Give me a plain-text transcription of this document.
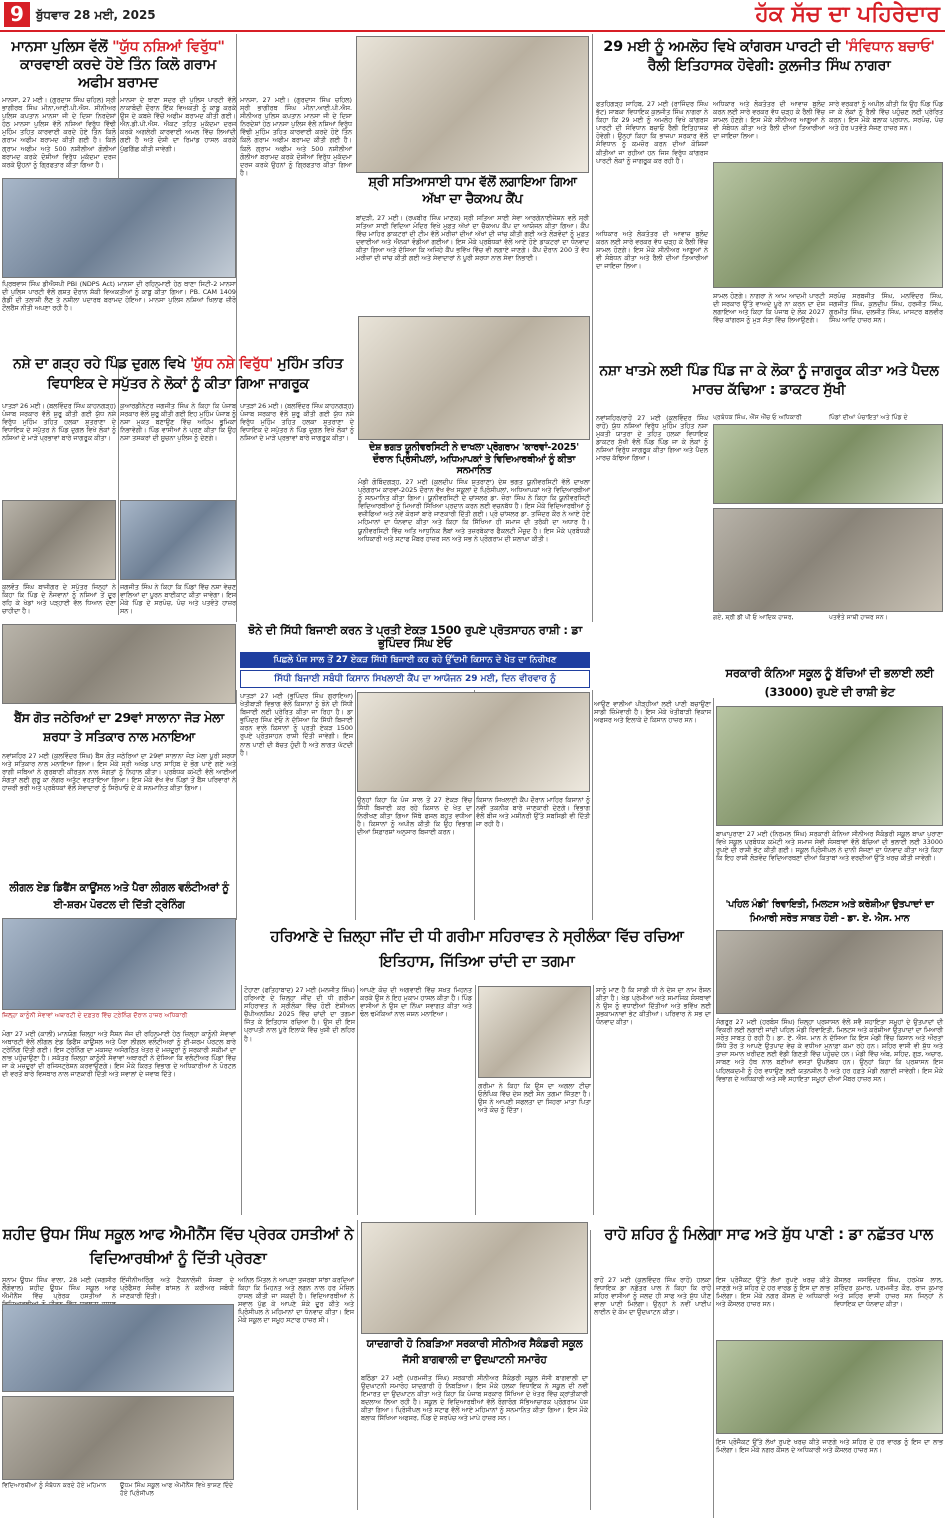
9	ਬੁੱਧਵਾਰ 28 ਮਈ, 2025	ਹੱਕ ਸੱਚ ਦਾ ਪਹਿਰੇਦਾਰ
ਮਾਨਸਾ ਪੁਲਿਸ ਵੱਲੋਂ "ਯੁੱਧ ਨਸ਼ਿਆਂ ਵਿਰੁੱਧ"
ਕਾਰਵਾਈ ਕਰਦੇ ਹੋਏ ਤਿੰਨ ਕਿਲੋ ਗਰਾਮ ਅਫੀਮ ਬਰਾਮਦ
ਮਾਨਸਾ, 27 ਮਈ। (ਗੁਰਦਾਸ ਸਿੰਘ ਚਹਿਲ) ਸ੍ਰੀ ਭਾਗੀਰਥ ਸਿੰਘ ਮੀਨਾ,ਆਈ.ਪੀ.ਐਸ. ਸੀਨੀਅਰ ਪੁਲਿਸ ਕਪਤਾਨ ਮਾਨਸਾ ਜੀ ਦੇ ਦਿਸ਼ਾ ਨਿਰਦੇਸ਼ਾਂ ਹੇਠ ਮਾਨਸਾ ਪੁਲਿਸ ਵੱਲੋਂ ਨਸ਼ਿਆਂ ਵਿਰੁੱਧ ਵਿੱਢੀ ਮੁਹਿੰਮ ਤਹਿਤ ਕਾਰਵਾਈ ਕਰਦੇ ਹੋਏ ਤਿੰਨ ਕਿਲੋ ਗਰਾਮ ਅਫੀਮ ਬਰਾਮਦ ਕੀਤੀ ਗਈ ਹੈ। ਕਿਲੋ ਗ੍ਰਾਮ ਅਫੀਮ ਅਤੇ 500 ਨਸ਼ੀਲੀਆਂ ਗੋਲੀਆਂ ਬਰਾਮਦ ਕਰਕੇ ਦੋਸ਼ੀਆਂ ਵਿਰੁੱਧ ਮੁਕੱਦਮਾ ਦਰਜ ਕਰਕੇ ਉਹਨਾਂ ਨੂੰ ਗ੍ਰਿਫਤਾਰ ਕੀਤਾ ਗਿਆ ਹੈ।
ਮਾਨਸਾ ਦੇ ਥਾਣਾ ਸਦਰ ਦੀ ਪੁਲਿਸ ਪਾਰਟੀ ਵੱਲੋਂ ਨਾਕਾਬੰਦੀ ਦੌਰਾਨ ਇੱਕ ਵਿਅਕਤੀ ਨੂੰ ਕਾਬੂ ਕਰਕੇ ਉਸ ਦੇ ਕਬਜ਼ੇ ਵਿੱਚੋਂ ਅਫੀਮ ਬਰਾਮਦ ਕੀਤੀ ਗਈ। ਐਨ.ਡੀ.ਪੀ.ਐਸ. ਐਕਟ ਤਹਿਤ ਮੁਕੱਦਮਾ ਦਰਜ ਕਰਕੇ ਅਗਲੇਰੀ ਕਾਰਵਾਈ ਅਮਲ ਵਿੱਚ ਲਿਆਂਦੀ ਗਈ ਹੈ ਅਤੇ ਦੋਸ਼ੀ ਦਾ ਰਿਮਾਂਡ ਹਾਸਲ ਕਰਕੇ ਪੁੱਛਗਿੱਛ ਕੀਤੀ ਜਾਵੇਗੀ।
ਪ੍ਰਿਥਵਾਸ ਸਿੰਘ ਡੀਐਸਪੀ PBI (NDPS Act) ਮਾਨਸਾ ਦੀ ਰਹਿਨੁਮਾਈ ਹੇਠ ਥਾਣਾ ਸਿਟੀ-2 ਮਾਨਸਾ ਦੀ ਪੁਲਿਸ ਪਾਰਟੀ ਵੱਲੋਂ ਗਸ਼ਤ ਦੌਰਾਨ ਸ਼ੱਕੀ ਵਿਅਕਤੀਆਂ ਨੂੰ ਕਾਬੂ ਕੀਤਾ ਗਿਆ। PB. CAM 1409 ਗੱਡੀ ਦੀ ਤਲਾਸ਼ੀ ਲੈਣ ਤੇ ਨਸ਼ੀਲਾ ਪਦਾਰਥ ਬਰਾਮਦ ਹੋਇਆ। ਮਾਨਸਾ ਪੁਲਿਸ ਨਸ਼ਿਆਂ ਖਿਲਾਫ ਜ਼ੀਰੋ ਟੌਲਰੈਂਸ ਨੀਤੀ ਅਪਣਾ ਰਹੀ ਹੈ।
ਮਾਨਸਾ, 27 ਮਈ। (ਗੁਰਦਾਸ ਸਿੰਘ ਚਹਿਲ) ਸ੍ਰੀ ਭਾਗੀਰਥ ਸਿੰਘ ਮੀਨਾ,ਆਈ.ਪੀ.ਐਸ. ਸੀਨੀਅਰ ਪੁਲਿਸ ਕਪਤਾਨ ਮਾਨਸਾ ਜੀ ਦੇ ਦਿਸ਼ਾ ਨਿਰਦੇਸ਼ਾਂ ਹੇਠ ਮਾਨਸਾ ਪੁਲਿਸ ਵੱਲੋਂ ਨਸ਼ਿਆਂ ਵਿਰੁੱਧ ਵਿੱਢੀ ਮੁਹਿੰਮ ਤਹਿਤ ਕਾਰਵਾਈ ਕਰਦੇ ਹੋਏ ਤਿੰਨ ਕਿਲੋ ਗਰਾਮ ਅਫੀਮ ਬਰਾਮਦ ਕੀਤੀ ਗਈ ਹੈ। ਕਿਲੋ ਗ੍ਰਾਮ ਅਫੀਮ ਅਤੇ 500 ਨਸ਼ੀਲੀਆਂ ਗੋਲੀਆਂ ਬਰਾਮਦ ਕਰਕੇ ਦੋਸ਼ੀਆਂ ਵਿਰੁੱਧ ਮੁਕੱਦਮਾ ਦਰਜ ਕਰਕੇ ਉਹਨਾਂ ਨੂੰ ਗ੍ਰਿਫਤਾਰ ਕੀਤਾ ਗਿਆ ਹੈ।
ਸ਼੍ਰੀ ਸਤਿਆਸਾਈ ਧਾਮ ਵੱਲੋਂ ਲਗਾਇਆ ਗਿਆ ਅੱਖਾ ਦਾ ਚੈਕਅਪ ਕੈਂਪ
ਬਾਂਦੜੀ, 27 ਮਈ। (ਰਘਬੀਰ ਸਿੰਘ ਮਾਣਕ) ਸ੍ਰੀ ਸਤਿਆ ਸਾਈ ਸੇਵਾ ਆਰਗੇਨਾਈਜੇਸ਼ਨ ਵਲੋਂ ਸ੍ਰੀ ਸਤਿਆ ਸਾਈਂ ਵਿਦਿਆ ਮੰਦਿਰ ਵਿਖੇ ਮੁਫ਼ਤ ਅੱਖਾਂ ਦਾ ਚੈਕਅਪ ਕੈਂਪ ਦਾ ਆਯੋਜਨ ਕੀਤਾ ਗਿਆ। ਕੈਂਪ ਵਿੱਚ ਮਾਹਿਰ ਡਾਕਟਰਾਂ ਦੀ ਟੀਮ ਵੱਲੋਂ ਮਰੀਜ਼ਾਂ ਦੀਆਂ ਅੱਖਾਂ ਦੀ ਜਾਂਚ ਕੀਤੀ ਗਈ ਅਤੇ ਲੋੜਵੰਦਾਂ ਨੂੰ ਮੁਫ਼ਤ ਦਵਾਈਆਂ ਅਤੇ ਐਨਕਾਂ ਵੰਡੀਆਂ ਗਈਆਂ। ਇਸ ਮੌਕੇ ਪ੍ਰਬੰਧਕਾਂ ਵੱਲੋਂ ਆਏ ਹੋਏ ਡਾਕਟਰਾਂ ਦਾ ਧੰਨਵਾਦ ਕੀਤਾ ਗਿਆ ਅਤੇ ਦੱਸਿਆ ਕਿ ਅਜਿਹੇ ਕੈਂਪ ਭਵਿੱਖ ਵਿੱਚ ਵੀ ਲਗਾਏ ਜਾਣਗੇ। ਕੈਂਪ ਦੌਰਾਨ 200 ਤੋਂ ਵੱਧ ਮਰੀਜ਼ਾਂ ਦੀ ਜਾਂਚ ਕੀਤੀ ਗਈ ਅਤੇ ਸੇਵਾਦਾਰਾਂ ਨੇ ਪੂਰੀ ਸ਼ਰਧਾ ਨਾਲ ਸੇਵਾ ਨਿਭਾਈ।
29 ਮਈ ਨੂੰ ਅਮਲੋਹ ਵਿਖੇ ਕਾਂਗਰਸ ਪਾਰਟੀ ਦੀ 'ਸੰਵਿਧਾਨ ਬਚਾਓ' ਰੈਲੀ ਇਤਿਹਾਸਕ ਹੋਵੇਗੀ: ਕੁਲਜੀਤ ਸਿੰਘ ਨਾਗਰਾ
ਫਤਹਿਗੜ੍ਹ ਸਾਹਿਬ, 27 ਮਈ (ਰਾਜਿੰਦਰ ਸਿੰਘ ਭੱਟ) ਸਾਬਕਾ ਵਿਧਾਇਕ ਕੁਲਜੀਤ ਸਿੰਘ ਨਾਗਰਾ ਨੇ ਕਿਹਾ ਕਿ 29 ਮਈ ਨੂੰ ਅਮਲੋਹ ਵਿਖੇ ਕਾਂਗਰਸ ਪਾਰਟੀ ਦੀ ਸੰਵਿਧਾਨ ਬਚਾਓ ਰੈਲੀ ਇਤਿਹਾਸਕ ਹੋਵੇਗੀ। ਉਨ੍ਹਾਂ ਕਿਹਾ ਕਿ ਭਾਜਪਾ ਸਰਕਾਰ ਵੱਲੋਂ ਸੰਵਿਧਾਨ ਨੂੰ ਕਮਜ਼ੋਰ ਕਰਨ ਦੀਆਂ ਕੋਸ਼ਿਸ਼ਾਂ ਕੀਤੀਆਂ ਜਾ ਰਹੀਆਂ ਹਨ ਜਿਸ ਵਿਰੁੱਧ ਕਾਂਗਰਸ ਪਾਰਟੀ ਲੋਕਾਂ ਨੂੰ ਜਾਗਰੂਕ ਕਰ ਰਹੀ ਹੈ।
ਅਧਿਕਾਰ ਅਤੇ ਲੋਕਤੰਤਰ ਦੀ ਆਵਾਜ਼ ਬੁਲੰਦ ਕਰਨ ਲਈ ਸਾਰੇ ਵਰਕਰ ਵੱਧ ਚੜ੍ਹ ਕੇ ਰੈਲੀ ਵਿੱਚ ਸ਼ਾਮਲ ਹੋਣਗੇ। ਇਸ ਮੌਕੇ ਸੀਨੀਅਰ ਆਗੂਆਂ ਨੇ ਵੀ ਸੰਬੋਧਨ ਕੀਤਾ ਅਤੇ ਰੈਲੀ ਦੀਆਂ ਤਿਆਰੀਆਂ ਦਾ ਜਾਇਜ਼ਾ ਲਿਆ।
ਸਾਰੇ ਵਰਕਰਾਂ ਨੂੰ ਅਪੀਲ ਕੀਤੀ ਕਿ ਉਹ ਪਿੰਡ ਪਿੰਡ ਜਾ ਕੇ ਲੋਕਾਂ ਨੂੰ ਰੈਲੀ ਵਿੱਚ ਪਹੁੰਚਣ ਲਈ ਪ੍ਰੇਰਿਤ ਕਰਨ। ਇਸ ਮੌਕੇ ਬਲਾਕ ਪ੍ਰਧਾਨ, ਸਰਪੰਚ, ਪੰਚ ਅਤੇ ਹੋਰ ਪਤਵੰਤੇ ਸੱਜਣ ਹਾਜ਼ਰ ਸਨ।
ਸ਼ਾਮਲ ਹੋਣਗੇ। ਨਾਗਰਾ ਨੇ ਆਮ ਆਦਮੀ ਪਾਰਟੀ ਦੀ ਸਰਕਾਰ ਉੱਤੇ ਵਾਅਦੇ ਪੂਰੇ ਨਾ ਕਰਨ ਦਾ ਦੋਸ਼ ਲਗਾਇਆ ਅਤੇ ਕਿਹਾ ਕਿ ਪੰਜਾਬ ਦੇ ਲੋਕ 2027 ਵਿੱਚ ਕਾਂਗਰਸ ਨੂੰ ਮੁੜ ਸੱਤਾ ਵਿੱਚ ਲਿਆਉਣਗੇ।
ਸਰਪੰਚ ਸਰਬਜੀਤ ਸਿੰਘ, ਮਨਵਿੰਦਰ ਸਿੰਘ, ਜਗਜੀਤ ਸਿੰਘ, ਕੁਲਦੀਪ ਸਿੰਘ, ਹਰਜੀਤ ਸਿੰਘ, ਗੁਰਮੀਤ ਸਿੰਘ, ਦਲਜੀਤ ਸਿੰਘ, ਮਾਸਟਰ ਬਲਵੀਰ ਸਿੰਘ ਆਦਿ ਹਾਜ਼ਰ ਸਨ।
ਅਧਿਕਾਰ ਅਤੇ ਲੋਕਤੰਤਰ ਦੀ ਆਵਾਜ਼ ਬੁਲੰਦ ਕਰਨ ਲਈ ਸਾਰੇ ਵਰਕਰ ਵੱਧ ਚੜ੍ਹ ਕੇ ਰੈਲੀ ਵਿੱਚ ਸ਼ਾਮਲ ਹੋਣਗੇ। ਇਸ ਮੌਕੇ ਸੀਨੀਅਰ ਆਗੂਆਂ ਨੇ ਵੀ ਸੰਬੋਧਨ ਕੀਤਾ ਅਤੇ ਰੈਲੀ ਦੀਆਂ ਤਿਆਰੀਆਂ ਦਾ ਜਾਇਜ਼ਾ ਲਿਆ।
ਨਸ਼ੇ ਦਾ ਗੜ੍ਹ ਰਹੇ ਪਿੰਡ ਦੁਗਲ ਵਿਖੇ 'ਯੁੱਧ ਨਸ਼ੇ ਵਿਰੁੱਧ' ਮੁਹਿੰਮ ਤਹਿਤ ਵਿਧਾਇਕ ਦੇ ਸਪੁੱਤਰ ਨੇ ਲੋਕਾਂ ਨੂੰ ਕੀਤਾ ਗਿਆ ਜਾਗਰੂਕ
ਪਾਤੜਾਂ 26 ਮਈ। (ਬਲਵਿੰਦਰ ਸਿੰਘ ਕਾਹਨਗੜ੍ਹ) ਪੰਜਾਬ ਸਰਕਾਰ ਵੱਲੋਂ ਸ਼ੁਰੂ ਕੀਤੀ ਗਈ ਯੁੱਧ ਨਸ਼ੇ ਵਿਰੁੱਧ ਮੁਹਿੰਮ ਤਹਿਤ ਹਲਕਾ ਸ਼ੁਤਰਾਣਾ ਦੇ ਵਿਧਾਇਕ ਦੇ ਸਪੁੱਤਰ ਨੇ ਪਿੰਡ ਦੁਗਲ ਵਿਖੇ ਲੋਕਾਂ ਨੂੰ ਨਸ਼ਿਆਂ ਦੇ ਮਾੜੇ ਪ੍ਰਭਾਵਾਂ ਬਾਰੇ ਜਾਗਰੂਕ ਕੀਤਾ।
ਕੁਲਵੰਤ ਸਿੰਘ ਬਾਜੀਗਰ ਦੇ ਸਪੁੱਤਰ ਜਿਨ੍ਹਾਂ ਨੇ ਕਿਹਾ ਕਿ ਪਿੰਡ ਦੇ ਨੌਜਵਾਨਾਂ ਨੂੰ ਨਸ਼ਿਆਂ ਤੋਂ ਦੂਰ ਰਹਿ ਕੇ ਖੇਡਾਂ ਅਤੇ ਪੜ੍ਹਾਈ ਵੱਲ ਧਿਆਨ ਦੇਣਾ ਚਾਹੀਦਾ ਹੈ।
ਕੁਆਰਡੀਨੇਟਰ ਜਗਜੀਤ ਸਿੰਘ ਨੇ ਕਿਹਾ ਕਿ ਪੰਜਾਬ ਸਰਕਾਰ ਵੱਲੋਂ ਸ਼ੁਰੂ ਕੀਤੀ ਗਈ ਇਹ ਮੁਹਿੰਮ ਪੰਜਾਬ ਨੂੰ ਨਸ਼ਾ ਮੁਕਤ ਬਣਾਉਣ ਵਿੱਚ ਅਹਿਮ ਭੂਮਿਕਾ ਨਿਭਾਵੇਗੀ। ਪਿੰਡ ਵਾਸੀਆਂ ਨੇ ਪ੍ਰਣ ਕੀਤਾ ਕਿ ਉਹ ਨਸ਼ਾ ਤਸਕਰਾਂ ਦੀ ਸੂਚਨਾ ਪੁਲਿਸ ਨੂੰ ਦੇਣਗੇ।
ਜਗਜੀਤ ਸਿੰਘ ਨੇ ਕਿਹਾ ਕਿ ਪਿੰਡਾਂ ਵਿੱਚ ਨਸ਼ਾ ਵੇਚਣ ਵਾਲਿਆਂ ਦਾ ਪੂਰਨ ਬਾਈਕਾਟ ਕੀਤਾ ਜਾਵੇਗਾ। ਇਸ ਮੌਕੇ ਪਿੰਡ ਦੇ ਸਰਪੰਚ, ਪੰਚ ਅਤੇ ਪਤਵੰਤੇ ਹਾਜ਼ਰ ਸਨ।
ਪਾਤੜਾਂ 26 ਮਈ। (ਬਲਵਿੰਦਰ ਸਿੰਘ ਕਾਹਨਗੜ੍ਹ) ਪੰਜਾਬ ਸਰਕਾਰ ਵੱਲੋਂ ਸ਼ੁਰੂ ਕੀਤੀ ਗਈ ਯੁੱਧ ਨਸ਼ੇ ਵਿਰੁੱਧ ਮੁਹਿੰਮ ਤਹਿਤ ਹਲਕਾ ਸ਼ੁਤਰਾਣਾ ਦੇ ਵਿਧਾਇਕ ਦੇ ਸਪੁੱਤਰ ਨੇ ਪਿੰਡ ਦੁਗਲ ਵਿਖੇ ਲੋਕਾਂ ਨੂੰ ਨਸ਼ਿਆਂ ਦੇ ਮਾੜੇ ਪ੍ਰਭਾਵਾਂ ਬਾਰੇ ਜਾਗਰੂਕ ਕੀਤਾ।
ਦੇਸ਼ ਭਗਤ ਯੂਨੀਵਰਸਿਟੀ ਨੇ ਦਾਖਲਾ ਪ੍ਰੋਗਰਾਮ 'ਕਾਰਵਾਂ-2025' ਦੌਰਾਨ ਪ੍ਰਿੰਸੀਪਲਾਂ, ਅਧਿਆਪਕਾਂ ਤੇ ਵਿਦਿਆਰਥੀਆਂ ਨੂੰ ਕੀਤਾ ਸਨਮਾਨਿਤ
ਮੰਡੀ ਗੋਬਿੰਦਗੜ੍ਹ, 27 ਮਈ (ਕੁਲਦੀਪ ਸਿੰਘ ਸ਼ੁਤਰਾਣਾ) ਦੇਸ਼ ਭਗਤ ਯੂਨੀਵਰਸਿਟੀ ਵੱਲੋਂ ਦਾਖਲਾ ਪ੍ਰੋਗਰਾਮ ਕਾਰਵਾਂ-2025 ਦੌਰਾਨ ਵੱਖ ਵੱਖ ਸਕੂਲਾਂ ਦੇ ਪ੍ਰਿੰਸੀਪਲਾਂ, ਅਧਿਆਪਕਾਂ ਅਤੇ ਵਿਦਿਆਰਥੀਆਂ ਨੂੰ ਸਨਮਾਨਿਤ ਕੀਤਾ ਗਿਆ। ਯੂਨੀਵਰਸਿਟੀ ਦੇ ਚਾਂਸਲਰ ਡਾ. ਜ਼ੋਰਾ ਸਿੰਘ ਨੇ ਕਿਹਾ ਕਿ ਯੂਨੀਵਰਸਿਟੀ ਵਿਦਿਆਰਥੀਆਂ ਨੂੰ ਮਿਆਰੀ ਸਿੱਖਿਆ ਪ੍ਰਦਾਨ ਕਰਨ ਲਈ ਵਚਨਬੱਧ ਹੈ। ਇਸ ਮੌਕੇ ਵਿਦਿਆਰਥੀਆਂ ਨੂੰ ਵਜ਼ੀਫਿਆਂ ਅਤੇ ਨਵੇਂ ਕੋਰਸਾਂ ਬਾਰੇ ਜਾਣਕਾਰੀ ਦਿੱਤੀ ਗਈ। ਪ੍ਰੋ ਚਾਂਸਲਰ ਡਾ. ਤਜਿੰਦਰ ਕੌਰ ਨੇ ਆਏ ਹੋਏ ਮਹਿਮਾਨਾਂ ਦਾ ਧੰਨਵਾਦ ਕੀਤਾ ਅਤੇ ਕਿਹਾ ਕਿ ਸਿੱਖਿਆ ਹੀ ਸਮਾਜ ਦੀ ਤਰੱਕੀ ਦਾ ਅਧਾਰ ਹੈ। ਯੂਨੀਵਰਸਿਟੀ ਵਿੱਚ ਅਤਿ ਆਧੁਨਿਕ ਲੈਬਾਂ ਅਤੇ ਤਜ਼ਰਬੇਕਾਰ ਫੈਕਲਟੀ ਮੌਜੂਦ ਹੈ। ਇਸ ਮੌਕੇ ਪ੍ਰਬੰਧਕੀ ਅਧਿਕਾਰੀ ਅਤੇ ਸਟਾਫ ਮੈਂਬਰ ਹਾਜ਼ਰ ਸਨ ਅਤੇ ਸਭ ਨੇ ਪ੍ਰੋਗਰਾਮ ਦੀ ਸ਼ਲਾਘਾ ਕੀਤੀ।
ਨਸ਼ਾ ਖਾਤਮੇ ਲਈ ਪਿੰਡ ਪਿੰਡ ਜਾ ਕੇ ਲੋਕਾ ਨੂੰ ਜਾਗਰੂਕ ਕੀਤਾ ਅਤੇ ਪੈਦਲ ਮਾਰਚ ਕੱਢਿਆ : ਡਾਕਟਰ ਸੁੱਖੀ
ਨਵਾਂਸ਼ਹਿਰ/ਰਾਹੋਂ 27 ਮਈ (ਕੁਲਵਿੰਦਰ ਸਿੰਘ ਰਾਹੋਂ) ਯੁੱਧ ਨਸ਼ਿਆਂ ਵਿਰੁੱਧ ਮੁਹਿੰਮ ਤਹਿਤ ਨਸ਼ਾ ਮੁਕਤੀ ਯਾਤਰਾ ਦੇ ਤਹਿਤ ਹਲਕਾ ਵਿਧਾਇਕ ਡਾਕਟਰ ਸੁੱਖੀ ਵੱਲੋਂ ਪਿੰਡ ਪਿੰਡ ਜਾ ਕੇ ਲੋਕਾਂ ਨੂੰ ਨਸ਼ਿਆਂ ਵਿਰੁੱਧ ਜਾਗਰੂਕ ਕੀਤਾ ਗਿਆ ਅਤੇ ਪੈਦਲ ਮਾਰਚ ਕੱਢਿਆ ਗਿਆ।
ਪ੍ਰਬੰਧਕ ਸਿੰਘ, ਐੱਸ ਐੱਚ ਓ ਅਧਿਕਾਰੀ	ਪਿੰਡਾਂ ਦੀਆਂ ਪੰਚਾਇਤਾਂ ਅਤੇ ਪਿੰਡ ਦੇ
ਗਏ, ਸ਼੍ਰੀ ਡੀ ਪੀ ਓ ਆਦਿਕ ਹਾਜ਼ਰ,	ਪਤਵੰਤੇ ਸਾਥੀ ਹਾਜ਼ਰ ਸਨ।
ਝੋਨੇ ਦੀ ਸਿੱਧੀ ਬਿਜਾਈ ਕਰਨ ਤੇ ਪ੍ਰਤੀ ਏਕੜ 1500 ਰੁਪਏ ਪ੍ਰੋਤਸਾਹਨ ਰਾਸ਼ੀ : ਡਾ ਭੁਪਿੰਦਰ ਸਿੰਘ ਏਓ
ਪਿਛਲੇ ਪੰਜ ਸਾਲ ਤੋਂ 27 ਏਕੜ ਸਿੱਧੀ ਬਿਜਾਈ ਕਰ ਰਹੇ ਉੱਦਮੀ ਕਿਸਾਨ ਦੇ ਖੇਤ ਦਾ ਨਿਰੀਖਣ
ਸਿੱਧੀ ਬਿਜਾਈ ਸਬੰਧੀ ਕਿਸਾਨ ਸਿਖਲਾਈ ਕੈਂਪ ਦਾ ਆਯੋਜਨ 29 ਮਈ, ਦਿਨ ਵੀਰਵਾਰ ਨੂੰ
ਪਾਤੜਾਂ 27 ਮਈ (ਭੁਪਿੰਦਰ ਸਿੰਘ ਗੁਰਾਇਆ) ਖੇਤੀਬਾੜੀ ਵਿਭਾਗ ਵੱਲੋਂ ਕਿਸਾਨਾਂ ਨੂੰ ਝੋਨੇ ਦੀ ਸਿੱਧੀ ਬਿਜਾਈ ਲਈ ਪ੍ਰੇਰਿਤ ਕੀਤਾ ਜਾ ਰਿਹਾ ਹੈ। ਡਾ ਭੁਪਿੰਦਰ ਸਿੰਘ ਏਓ ਨੇ ਦੱਸਿਆ ਕਿ ਸਿੱਧੀ ਬਿਜਾਈ ਕਰਨ ਵਾਲੇ ਕਿਸਾਨਾਂ ਨੂੰ ਪ੍ਰਤੀ ਏਕੜ 1500 ਰੁਪਏ ਪ੍ਰੋਤਸਾਹਨ ਰਾਸ਼ੀ ਦਿੱਤੀ ਜਾਵੇਗੀ। ਇਸ ਨਾਲ ਪਾਣੀ ਦੀ ਬੱਚਤ ਹੁੰਦੀ ਹੈ ਅਤੇ ਲਾਗਤ ਘੱਟਦੀ ਹੈ।
ਉਨ੍ਹਾਂ ਕਿਹਾ ਕਿ ਪੰਜ ਸਾਲ ਤੋਂ 27 ਏਕੜ ਵਿੱਚ ਸਿੱਧੀ ਬਿਜਾਈ ਕਰ ਰਹੇ ਕਿਸਾਨ ਦੇ ਖੇਤ ਦਾ ਨਿਰੀਖਣ ਕੀਤਾ ਗਿਆ ਜਿੱਥੇ ਫਸਲ ਬਹੁਤ ਵਧੀਆ ਹੈ। ਕਿਸਾਨਾਂ ਨੂੰ ਅਪੀਲ ਕੀਤੀ ਕਿ ਉਹ ਵਿਭਾਗ ਦੀਆਂ ਸਿਫ਼ਾਰਸ਼ਾਂ ਅਨੁਸਾਰ ਬਿਜਾਈ ਕਰਨ।
ਕਿਸਾਨ ਸਿਖਲਾਈ ਕੈਂਪ ਦੌਰਾਨ ਮਾਹਿਰ ਕਿਸਾਨਾਂ ਨੂੰ ਨਵੀਂ ਤਕਨੀਕ ਬਾਰੇ ਜਾਣਕਾਰੀ ਦੇਣਗੇ। ਵਿਭਾਗ ਵੱਲੋਂ ਬੀਜ ਅਤੇ ਮਸ਼ੀਨਰੀ ਉੱਤੇ ਸਬਸਿਡੀ ਵੀ ਦਿੱਤੀ ਜਾ ਰਹੀ ਹੈ।
ਆਉਣ ਵਾਲੀਆਂ ਪੀੜ੍ਹੀਆਂ ਲਈ ਪਾਣੀ ਬਚਾਉਣਾ ਸਾਡੀ ਜ਼ਿੰਮੇਵਾਰੀ ਹੈ। ਇਸ ਮੌਕੇ ਖੇਤੀਬਾੜੀ ਵਿਕਾਸ ਅਫਸਰ ਅਤੇ ਇਲਾਕੇ ਦੇ ਕਿਸਾਨ ਹਾਜ਼ਰ ਸਨ।
ਬੈਂਸ ਗੋਤ ਜਠੇਰਿਆਂ ਦਾ 29ਵਾਂ ਸਾਲਾਨਾ ਜੋੜ ਮੇਲਾ ਸ਼ਰਧਾ ਤੇ ਸਤਿਕਾਰ ਨਾਲ ਮਨਾਇਆ
ਨਵਾਂਸ਼ਹਿਰ 27 ਮਈ (ਕੁਲਵਿੰਦਰ ਸਿੰਘ) ਬੈਂਸ ਗੋਤ ਜਠੇਰਿਆਂ ਦਾ 29ਵਾਂ ਸਾਲਾਨਾ ਜੋੜ ਮੇਲਾ ਪੂਰੀ ਸ਼ਰਧਾ ਅਤੇ ਸਤਿਕਾਰ ਨਾਲ ਮਨਾਇਆ ਗਿਆ। ਇਸ ਮੌਕੇ ਸ੍ਰੀ ਅਖੰਡ ਪਾਠ ਸਾਹਿਬ ਦੇ ਭੋਗ ਪਾਏ ਗਏ ਅਤੇ ਰਾਗੀ ਜਥਿਆਂ ਨੇ ਗੁਰਬਾਣੀ ਕੀਰਤਨ ਨਾਲ ਸੰਗਤਾਂ ਨੂੰ ਨਿਹਾਲ ਕੀਤਾ। ਪ੍ਰਬੰਧਕ ਕਮੇਟੀ ਵੱਲੋਂ ਆਈਆਂ ਸੰਗਤਾਂ ਲਈ ਗੁਰੂ ਕਾ ਲੰਗਰ ਅਤੁੱਟ ਵਰਤਾਇਆ ਗਿਆ। ਇਸ ਮੌਕੇ ਵੱਖ ਵੱਖ ਪਿੰਡਾਂ ਤੋਂ ਬੈਂਸ ਪਰਿਵਾਰਾਂ ਨੇ ਹਾਜ਼ਰੀ ਭਰੀ ਅਤੇ ਪ੍ਰਬੰਧਕਾਂ ਵੱਲੋਂ ਸੇਵਾਦਾਰਾਂ ਨੂੰ ਸਿਰੋਪਾਓ ਦੇ ਕੇ ਸਨਮਾਨਿਤ ਕੀਤਾ ਗਿਆ।
ਲੀਗਲ ਏਡ ਡਿਫੈਂਸ ਕਾਊਂਸਲ ਅਤੇ ਪੈਰਾ ਲੀਗਲ ਵਲੰਟੀਅਰਾਂ ਨੂੰ ਈ-ਸ਼ਰਮ ਪੋਰਟਲ ਦੀ ਦਿੱਤੀ ਟ੍ਰੇਨਿੰਗ
ਜ਼ਿਲ੍ਹਾ ਕਾਨੂੰਨੀ ਸੇਵਾਵਾਂ ਅਥਾਰਟੀ ਦੇ ਦਫ਼ਤਰ ਵਿੱਚ ਟ੍ਰੇਨਿੰਗ ਦੌਰਾਨ ਹਾਜ਼ਰ ਅਧਿਕਾਰੀ
ਮੋਗਾ 27 ਮਈ (ਕਾਲੀ) ਮਾਨਯੋਗ ਜ਼ਿਲ੍ਹਾ ਅਤੇ ਸੈਸ਼ਨ ਜੱਜ ਦੀ ਰਹਿਨੁਮਾਈ ਹੇਠ ਜ਼ਿਲ੍ਹਾ ਕਾਨੂੰਨੀ ਸੇਵਾਵਾਂ ਅਥਾਰਟੀ ਵੱਲੋਂ ਲੀਗਲ ਏਡ ਡਿਫੈਂਸ ਕਾਊਂਸਲ ਅਤੇ ਪੈਰਾ ਲੀਗਲ ਵਲੰਟੀਅਰਾਂ ਨੂੰ ਈ-ਸ਼ਰਮ ਪੋਰਟਲ ਬਾਰੇ ਟ੍ਰੇਨਿੰਗ ਦਿੱਤੀ ਗਈ। ਇਸ ਟ੍ਰੇਨਿੰਗ ਦਾ ਮਕਸਦ ਅਸੰਗਠਿਤ ਖੇਤਰ ਦੇ ਮਜ਼ਦੂਰਾਂ ਨੂੰ ਸਰਕਾਰੀ ਸਕੀਮਾਂ ਦਾ ਲਾਭ ਪਹੁੰਚਾਉਣਾ ਹੈ। ਸਕੱਤਰ ਜ਼ਿਲ੍ਹਾ ਕਾਨੂੰਨੀ ਸੇਵਾਵਾਂ ਅਥਾਰਟੀ ਨੇ ਦੱਸਿਆ ਕਿ ਵਲੰਟੀਅਰ ਪਿੰਡਾਂ ਵਿੱਚ ਜਾ ਕੇ ਮਜ਼ਦੂਰਾਂ ਦੀ ਰਜਿਸਟ੍ਰੇਸ਼ਨ ਕਰਵਾਉਣਗੇ। ਇਸ ਮੌਕੇ ਕਿਰਤ ਵਿਭਾਗ ਦੇ ਅਧਿਕਾਰੀਆਂ ਨੇ ਪੋਰਟਲ ਦੀ ਵਰਤੋਂ ਬਾਰੇ ਵਿਸਥਾਰ ਨਾਲ ਜਾਣਕਾਰੀ ਦਿੱਤੀ ਅਤੇ ਸਵਾਲਾਂ ਦੇ ਜਵਾਬ ਦਿੱਤੇ।
ਸਰਕਾਰੀ ਕੰਨਿਆ ਸਕੂਲ ਨੂੰ ਬੱਚਿਆਂ ਦੀ ਭਲਾਈ ਲਈ (33000) ਰੁਪਏ ਦੀ ਰਾਸ਼ੀ ਭੇਟ
ਬਾਘਾਪੁਰਾਣਾ 27 ਮਈ (ਨਿਰਮਲ ਸਿੰਘ) ਸਰਕਾਰੀ ਕੰਨਿਆ ਸੀਨੀਅਰ ਸੈਕੰਡਰੀ ਸਕੂਲ ਬਾਘਾ ਪੁਰਾਣਾ ਵਿਖੇ ਸਕੂਲ ਪ੍ਰਬੰਧਕ ਕਮੇਟੀ ਅਤੇ ਸਮਾਜ ਸੇਵੀ ਸੰਸਥਾਵਾਂ ਵੱਲੋਂ ਬੱਚਿਆਂ ਦੀ ਭਲਾਈ ਲਈ 33000 ਰੁਪਏ ਦੀ ਰਾਸ਼ੀ ਭੇਟ ਕੀਤੀ ਗਈ। ਸਕੂਲ ਪ੍ਰਿੰਸੀਪਲ ਨੇ ਦਾਨੀ ਸੱਜਣਾਂ ਦਾ ਧੰਨਵਾਦ ਕੀਤਾ ਅਤੇ ਕਿਹਾ ਕਿ ਇਹ ਰਾਸ਼ੀ ਲੋੜਵੰਦ ਵਿਦਿਆਰਥਣਾਂ ਦੀਆਂ ਕਿਤਾਬਾਂ ਅਤੇ ਵਰਦੀਆਂ ਉੱਤੇ ਖਰਚ ਕੀਤੀ ਜਾਵੇਗੀ।
'ਪਹਿਲ ਮੰਡੀ' ਰਿਵਾਇਤੀ, ਮਿਲਟਸ ਅਤੇ ਕਰੋਸ਼ੀਆ ਉਤਪਾਦਾਂ ਦਾ ਮਿਆਰੀ ਸਰੋਤ ਸਾਬਤ ਹੋਈ - ਡਾ. ਏ. ਐਸ. ਮਾਨ
ਸੰਗਰੂਰ 27 ਮਈ (ਹਰਬੰਸ ਸਿੰਘ) ਜ਼ਿਲ੍ਹਾ ਪ੍ਰਸ਼ਾਸਨ ਵੱਲੋਂ ਸਵੈ ਸਹਾਇਤਾ ਸਮੂਹਾਂ ਦੇ ਉਤਪਾਦਾਂ ਦੀ ਵਿਕਰੀ ਲਈ ਲਗਾਈ ਜਾਂਦੀ ਪਹਿਲ ਮੰਡੀ ਰਿਵਾਇਤੀ, ਮਿਲਟਸ ਅਤੇ ਕਰੋਸ਼ੀਆ ਉਤਪਾਦਾਂ ਦਾ ਮਿਆਰੀ ਸਰੋਤ ਸਾਬਤ ਹੋ ਰਹੀ ਹੈ। ਡਾ. ਏ. ਐਸ. ਮਾਨ ਨੇ ਦੱਸਿਆ ਕਿ ਇਸ ਮੰਡੀ ਵਿੱਚ ਕਿਸਾਨ ਅਤੇ ਔਰਤਾਂ ਸਿੱਧੇ ਤੌਰ ਤੇ ਆਪਣੇ ਉਤਪਾਦ ਵੇਚ ਕੇ ਵਧੀਆ ਮੁਨਾਫ਼ਾ ਕਮਾ ਰਹੇ ਹਨ। ਸ਼ਹਿਰ ਵਾਸੀ ਵੀ ਸ਼ੁੱਧ ਅਤੇ ਤਾਜ਼ਾ ਸਮਾਨ ਖਰੀਦਣ ਲਈ ਵੱਡੀ ਗਿਣਤੀ ਵਿੱਚ ਪਹੁੰਚਦੇ ਹਨ। ਮੰਡੀ ਵਿੱਚ ਅੰਬ, ਸ਼ਹਿਦ, ਗੁੜ, ਅਚਾਰ, ਸਾਬਣ ਅਤੇ ਹੱਥ ਨਾਲ ਬਣੀਆਂ ਵਸਤਾਂ ਉਪਲੱਬਧ ਹਨ। ਉਨ੍ਹਾਂ ਕਿਹਾ ਕਿ ਪ੍ਰਸ਼ਾਸਨ ਇਸ ਪਹਿਲਕਦਮੀ ਨੂੰ ਹੋਰ ਵਧਾਉਣ ਲਈ ਯਤਨਸ਼ੀਲ ਹੈ ਅਤੇ ਹਰ ਹਫ਼ਤੇ ਮੰਡੀ ਲਗਾਈ ਜਾਵੇਗੀ। ਇਸ ਮੌਕੇ ਵਿਭਾਗ ਦੇ ਅਧਿਕਾਰੀ ਅਤੇ ਸਵੈ ਸਹਾਇਤਾ ਸਮੂਹਾਂ ਦੀਆਂ ਮੈਂਬਰ ਹਾਜ਼ਰ ਸਨ।
ਹਰਿਆਣੇ ਦੇ ਜ਼ਿਲ੍ਹਾ ਜੀਂਦ ਦੀ ਧੀ ਗਰੀਮਾ ਸਹਿਰਾਵਤ ਨੇ ਸ੍ਰੀਲੰਕਾ ਵਿੱਚ ਰਚਿਆ ਇਤਿਹਾਸ, ਜਿੱਤਿਆ ਚਾਂਦੀ ਦਾ ਤਗਮਾ
ਟੋਹਾਣਾ (ਫਤਿਹਾਬਾਦ) 27 ਮਈ (ਮਨਜੀਤ ਸਿੰਘ) ਹਰਿਆਣੇ ਦੇ ਜ਼ਿਲ੍ਹਾ ਜੀਂਦ ਦੀ ਧੀ ਗਰੀਮਾ ਸਹਿਰਾਵਤ ਨੇ ਸ੍ਰੀਲੰਕਾ ਵਿੱਚ ਹੋਈ ਏਸ਼ੀਅਨ ਚੈਂਪੀਅਨਸ਼ਿਪ 2025 ਵਿੱਚ ਚਾਂਦੀ ਦਾ ਤਗਮਾ ਜਿੱਤ ਕੇ ਇਤਿਹਾਸ ਰਚਿਆ ਹੈ। ਉਸ ਦੀ ਇਸ ਪ੍ਰਾਪਤੀ ਨਾਲ ਪੂਰੇ ਇਲਾਕੇ ਵਿੱਚ ਖੁਸ਼ੀ ਦੀ ਲਹਿਰ ਹੈ।
ਆਪਣੇ ਕੋਚ ਦੀ ਅਗਵਾਈ ਵਿੱਚ ਸਖ਼ਤ ਮਿਹਨਤ ਕਰਕੇ ਉਸ ਨੇ ਇਹ ਮੁਕਾਮ ਹਾਸਲ ਕੀਤਾ ਹੈ। ਪਿੰਡ ਵਾਸੀਆਂ ਨੇ ਉਸ ਦਾ ਨਿੱਘਾ ਸਵਾਗਤ ਕੀਤਾ ਅਤੇ ਢੋਲ ਢਮੱਕਿਆਂ ਨਾਲ ਜਸ਼ਨ ਮਨਾਇਆ।
ਗਰੀਮਾ ਨੇ ਕਿਹਾ ਕਿ ਉਸ ਦਾ ਅਗਲਾ ਟੀਚਾ ਓਲੰਪਿਕ ਵਿੱਚ ਦੇਸ਼ ਲਈ ਸੋਨ ਤਗਮਾ ਜਿੱਤਣਾ ਹੈ। ਉਸ ਨੇ ਆਪਣੀ ਸਫਲਤਾ ਦਾ ਸਿਹਰਾ ਮਾਤਾ ਪਿਤਾ ਅਤੇ ਕੋਚ ਨੂੰ ਦਿੱਤਾ।
ਸਾਨੂੰ ਮਾਣ ਹੈ ਕਿ ਸਾਡੀ ਧੀ ਨੇ ਦੇਸ਼ ਦਾ ਨਾਮ ਰੌਸ਼ਨ ਕੀਤਾ ਹੈ। ਖੇਡ ਪ੍ਰੇਮੀਆਂ ਅਤੇ ਸਮਾਜਿਕ ਸੰਸਥਾਵਾਂ ਨੇ ਉਸ ਨੂੰ ਵਧਾਈਆਂ ਦਿੱਤੀਆਂ ਅਤੇ ਭਵਿੱਖ ਲਈ ਸ਼ੁਭਕਾਮਨਾਵਾਂ ਭੇਟ ਕੀਤੀਆਂ। ਪਰਿਵਾਰ ਨੇ ਸਭ ਦਾ ਧੰਨਵਾਦ ਕੀਤਾ।
ਸ਼ਹੀਦ ਉਧਮ ਸਿੰਘ ਸਕੂਲ ਆਫ ਐਮੀਨੈਂਸ ਵਿੱਚ ਪ੍ਰੇਰਕ ਹਸਤੀਆਂ ਨੇ ਵਿਦਿਆਰਥੀਆਂ ਨੂੰ ਦਿੱਤੀ ਪ੍ਰੇਰਣਾ
ਸੁਨਾਮ ਊਧਮ ਸਿੰਘ ਵਾਲਾ, 28 ਮਈ (ਜਗਸੀਰ ਲੌਂਗੋਵਾਲ) ਸ਼ਹੀਦ ਊਧਮ ਸਿੰਘ ਸਕੂਲ ਆਫ ਐਮੀਨੈਂਸ ਵਿੱਚ ਪ੍ਰੇਰਕ ਹਸਤੀਆਂ ਨੇ
ਇੰਜੀਨੀਅਰਿੰਗ ਅਤੇ ਟੈਕਨਾਲੋਜੀ ਸੰਸਥਾ ਦੇ ਪ੍ਰੋਫੈਸਰ ਸੰਜੀਵ ਬਾਂਸਲ ਨੇ ਕਰੀਅਰ ਸਬੰਧੀ ਜਾਣਕਾਰੀ ਦਿੱਤੀ।
ਵਿਦਿਆਰਥੀਆਂ ਨੂੰ ਸੰਬੋਧਨ ਕਰਦੇ ਹੋਏ ਮਹਿਮਾਨ	ਊਧਮ ਸਿੰਘ ਸਕੂਲ ਆਫ ਐਮੀਨੈਂਸ ਵਿਖੇ ਭਾਸ਼ਣ ਦਿੰਦੇ ਹੋਏ ਪ੍ਰਿੰਸੀਪਲ
ਅਨਿਲ ਮਿੱਤਲ ਨੇ ਆਪਣਾ ਤਜਰਬਾ ਸਾਂਝਾ ਕਰਦਿਆਂ ਕਿਹਾ ਕਿ ਮਿਹਨਤ ਅਤੇ ਲਗਨ ਨਾਲ ਹਰ ਮੰਜ਼ਿਲ ਹਾਸਲ ਕੀਤੀ ਜਾ ਸਕਦੀ ਹੈ। ਵਿਦਿਆਰਥੀਆਂ ਨੇ ਸਵਾਲ ਪੁੱਛ ਕੇ ਆਪਣੇ ਸ਼ੰਕੇ ਦੂਰ ਕੀਤੇ ਅਤੇ ਪ੍ਰਿੰਸੀਪਲ ਨੇ ਮਹਿਮਾਨਾਂ ਦਾ ਧੰਨਵਾਦ ਕੀਤਾ। ਇਸ ਮੌਕੇ ਸਕੂਲ ਦਾ ਸਮੂਹ ਸਟਾਫ ਹਾਜ਼ਰ ਸੀ।
ਯਾਦਗਾਰੀ ਹੋ ਨਿਬੜਿਆ ਸਰਕਾਰੀ ਸੀਨੀਅਰ ਸੈਕੰਡਰੀ ਸਕੂਲ ਜੱਸੀ ਬਾਗਵਾਲੀ ਦਾ ਉਦਘਾਟਨੀ ਸਮਾਰੋਹ
ਬਠਿੰਡਾ 27 ਮਈ (ਪਰਮਜੀਤ ਸਿੰਘ) ਸਰਕਾਰੀ ਸੀਨੀਅਰ ਸੈਕੰਡਰੀ ਸਕੂਲ ਜੱਸੀ ਬਾਗਵਾਲੀ ਦਾ ਉਦਘਾਟਨੀ ਸਮਾਰੋਹ ਯਾਦਗਾਰੀ ਹੋ ਨਿਬੜਿਆ। ਇਸ ਮੌਕੇ ਹਲਕਾ ਵਿਧਾਇਕ ਨੇ ਸਕੂਲ ਦੀ ਨਵੀਂ ਇਮਾਰਤ ਦਾ ਉਦਘਾਟਨ ਕੀਤਾ ਅਤੇ ਕਿਹਾ ਕਿ ਪੰਜਾਬ ਸਰਕਾਰ ਸਿੱਖਿਆ ਦੇ ਖੇਤਰ ਵਿੱਚ ਕ੍ਰਾਂਤੀਕਾਰੀ ਬਦਲਾਅ ਲਿਆ ਰਹੀ ਹੈ। ਸਕੂਲ ਦੇ ਵਿਦਿਆਰਥੀਆਂ ਵੱਲੋਂ ਰੰਗਾਰੰਗ ਸੱਭਿਆਚਾਰਕ ਪ੍ਰੋਗਰਾਮ ਪੇਸ਼ ਕੀਤਾ ਗਿਆ। ਪ੍ਰਿੰਸੀਪਲ ਅਤੇ ਸਟਾਫ ਵੱਲੋਂ ਆਏ ਮਹਿਮਾਨਾਂ ਨੂੰ ਸਨਮਾਨਿਤ ਕੀਤਾ ਗਿਆ। ਇਸ ਮੌਕੇ ਬਲਾਕ ਸਿੱਖਿਆ ਅਫਸਰ, ਪਿੰਡ ਦੇ ਸਰਪੰਚ ਅਤੇ ਮਾਪੇ ਹਾਜ਼ਰ ਸਨ।
ਰਾਹੋ ਸ਼ਹਿਰ ਨੂੰ ਮਿਲੇਗਾ ਸਾਫ ਅਤੇ ਸ਼ੁੱਧ ਪਾਣੀ : ਡਾ ਨਛੱਤਰ ਪਾਲ
ਰਾਹੋਂ 27 ਮਈ (ਕੁਲਵਿੰਦਰ ਸਿੰਘ ਰਾਹੋਂ) ਹਲਕਾ ਵਿਧਾਇਕ ਡਾ ਨਛੱਤਰ ਪਾਲ ਨੇ ਕਿਹਾ ਕਿ ਰਾਹੋਂ ਸ਼ਹਿਰ ਵਾਸੀਆਂ ਨੂੰ ਜਲਦ ਹੀ ਸਾਫ ਅਤੇ ਸ਼ੁੱਧ ਪੀਣ ਵਾਲਾ ਪਾਣੀ ਮਿਲੇਗਾ। ਉਨ੍ਹਾਂ ਨੇ ਨਵੀਂ ਪਾਈਪ ਲਾਈਨ ਦੇ ਕੰਮ ਦਾ ਉਦਘਾਟਨ ਕੀਤਾ।
ਇਸ ਪ੍ਰੋਜੈਕਟ ਉੱਤੇ ਲੱਖਾਂ ਰੁਪਏ ਖਰਚ ਕੀਤੇ ਜਾਣਗੇ ਅਤੇ ਸ਼ਹਿਰ ਦੇ ਹਰ ਵਾਰਡ ਨੂੰ ਇਸ ਦਾ ਲਾਭ ਮਿਲੇਗਾ। ਇਸ ਮੌਕੇ ਨਗਰ ਕੌਂਸਲ ਦੇ ਅਧਿਕਾਰੀ ਅਤੇ ਕੌਂਸਲਰ ਹਾਜ਼ਰ ਸਨ।
ਕੌਂਸਲਰ ਜਸਵਿੰਦਰ ਸਿੰਘ, ਹਰਮੇਸ਼ ਲਾਲ, ਸੁਰਿੰਦਰ ਕੁਮਾਰ, ਪਰਮਜੀਤ ਕੌਰ, ਰਾਜ ਕੁਮਾਰ ਅਤੇ ਸ਼ਹਿਰ ਵਾਸੀ ਹਾਜ਼ਰ ਸਨ ਜਿਨ੍ਹਾਂ ਨੇ ਵਿਧਾਇਕ ਦਾ ਧੰਨਵਾਦ ਕੀਤਾ।
ਇਸ ਪ੍ਰੋਜੈਕਟ ਉੱਤੇ ਲੱਖਾਂ ਰੁਪਏ ਖਰਚ ਕੀਤੇ ਜਾਣਗੇ ਅਤੇ ਸ਼ਹਿਰ ਦੇ ਹਰ ਵਾਰਡ ਨੂੰ ਇਸ ਦਾ ਲਾਭ ਮਿਲੇਗਾ। ਇਸ ਮੌਕੇ ਨਗਰ ਕੌਂਸਲ ਦੇ ਅਧਿਕਾਰੀ ਅਤੇ ਕੌਂਸਲਰ ਹਾਜ਼ਰ ਸਨ।
